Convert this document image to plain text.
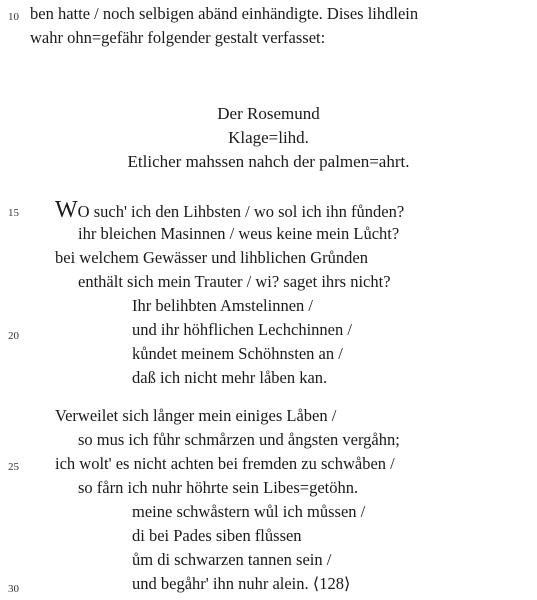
10 ben hatte / noch selbigen abänd einhändigte. Dises lihdlein
wahr ohn=gefähr folgender gestalt verfasset:
Der Rosemund
Klage=lihd.
Etlicher mahssen nahch der palmen=ahrt.
15 WO such' ich den Lihbsten / wo sol ich ihn fůnden?
ihr bleichen Masinnen / weus keine mein Lůcht?
bei welchem Gewässer und lihblichen Grůnden
enthält sich mein Trauter / wi? saget ihrs nicht?
Ihr belihbten Amstelinnen /
20	und ihr höhflichen Lechchinnen /
kůndet meinem Schöhnsten an /
daß ich nicht mehr låben kan.
Verweilet sich långer mein einiges Låben /
so mus ich fůhr schmårzen und ångsten vergåhn;
25 ich wolt' es nicht achten bei fremden zu schwåben /
so fårn ich nuhr höhrte sein Libes=getöhn.
meine schwåstern wůl ich můssen /
di bei Pades siben flůssen
ům di schwarzen tannen sein /
30	und begåhr' ihn nuhr alein. ⟨128⟩
